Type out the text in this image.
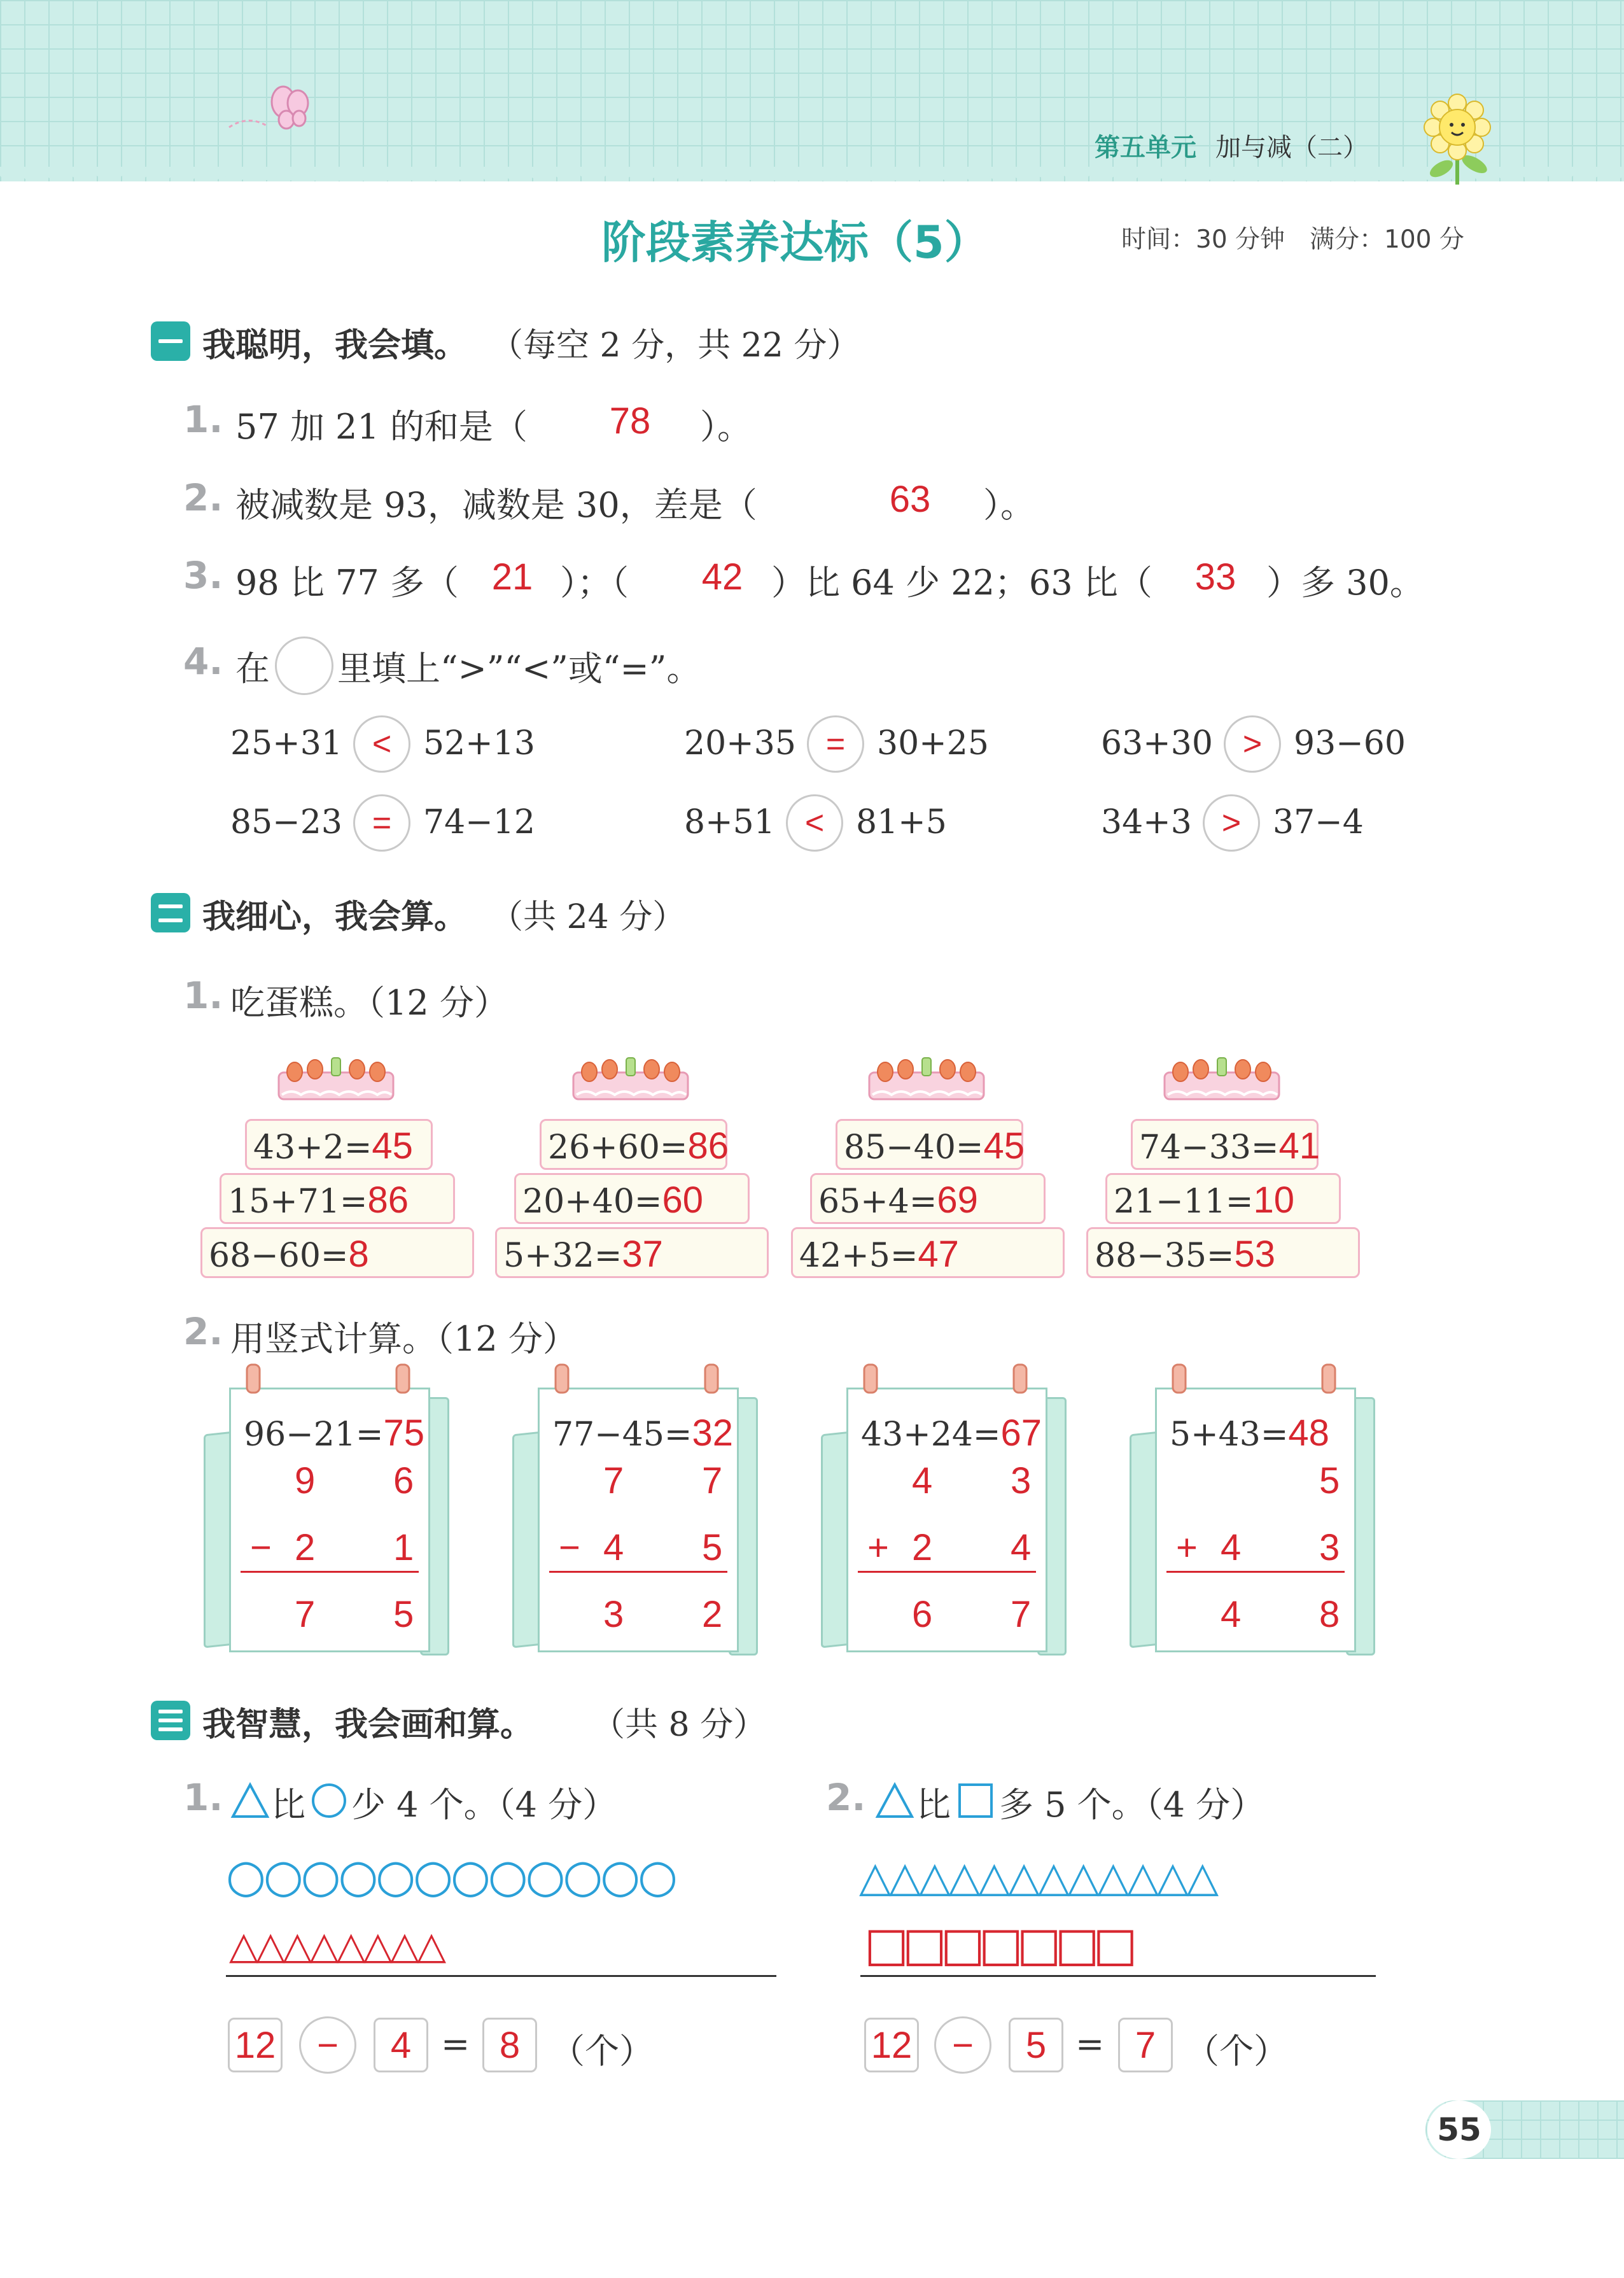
第五单元 加与减（二）
阶段素养达标（5）	时间：30 分钟　满分：100 分
我聪明，我会填。 （每空 2 分，共 22 分）
1. 57 加 21 的和是（	78	）。
2. 被减数是 93，减数是 30，差是（	63	）。
3. 98 比 77 多（ 21 ）；（	42 ）比 64 少 22；63 比（	33 ）多 30。
4. 在 里填上“>”“<”或“=”。
25+31 < 52+13	20+35 = 30+25	63+30 > 93−60
85−23 = 74−12	8+51 < 81+5	34+3 > 37−4
我细心，我会算。 （共 24 分）
1. 吃蛋糕。（12 分）
43+2=45
15+71=86
68−60=8
26+60=86
20+40=60
5+32=37
85−40=45
65+4=69
42+5=47
74−33=41
21−11=10
88−35=53
2. 用竖式计算。（12 分）
96−21=75
9 6
− 2 1
7 5
77−45=32
7 7
− 4 5
3 2
43+24=67
4 3
+ 2 4
6 7
5+43=48
5
+ 4 3
4 8
我智慧，我会画和算。 （共 8 分）
1. 比 少 4 个。（4 分）
○○○○○○○○○○○○
△△△△△△△△
12	−	4 = 8 （个）
2. 比 多 5 个。（4 分）
△△△△△△△△△△△△
□□□□□□□
12	−	5 = 7 （个）
55
